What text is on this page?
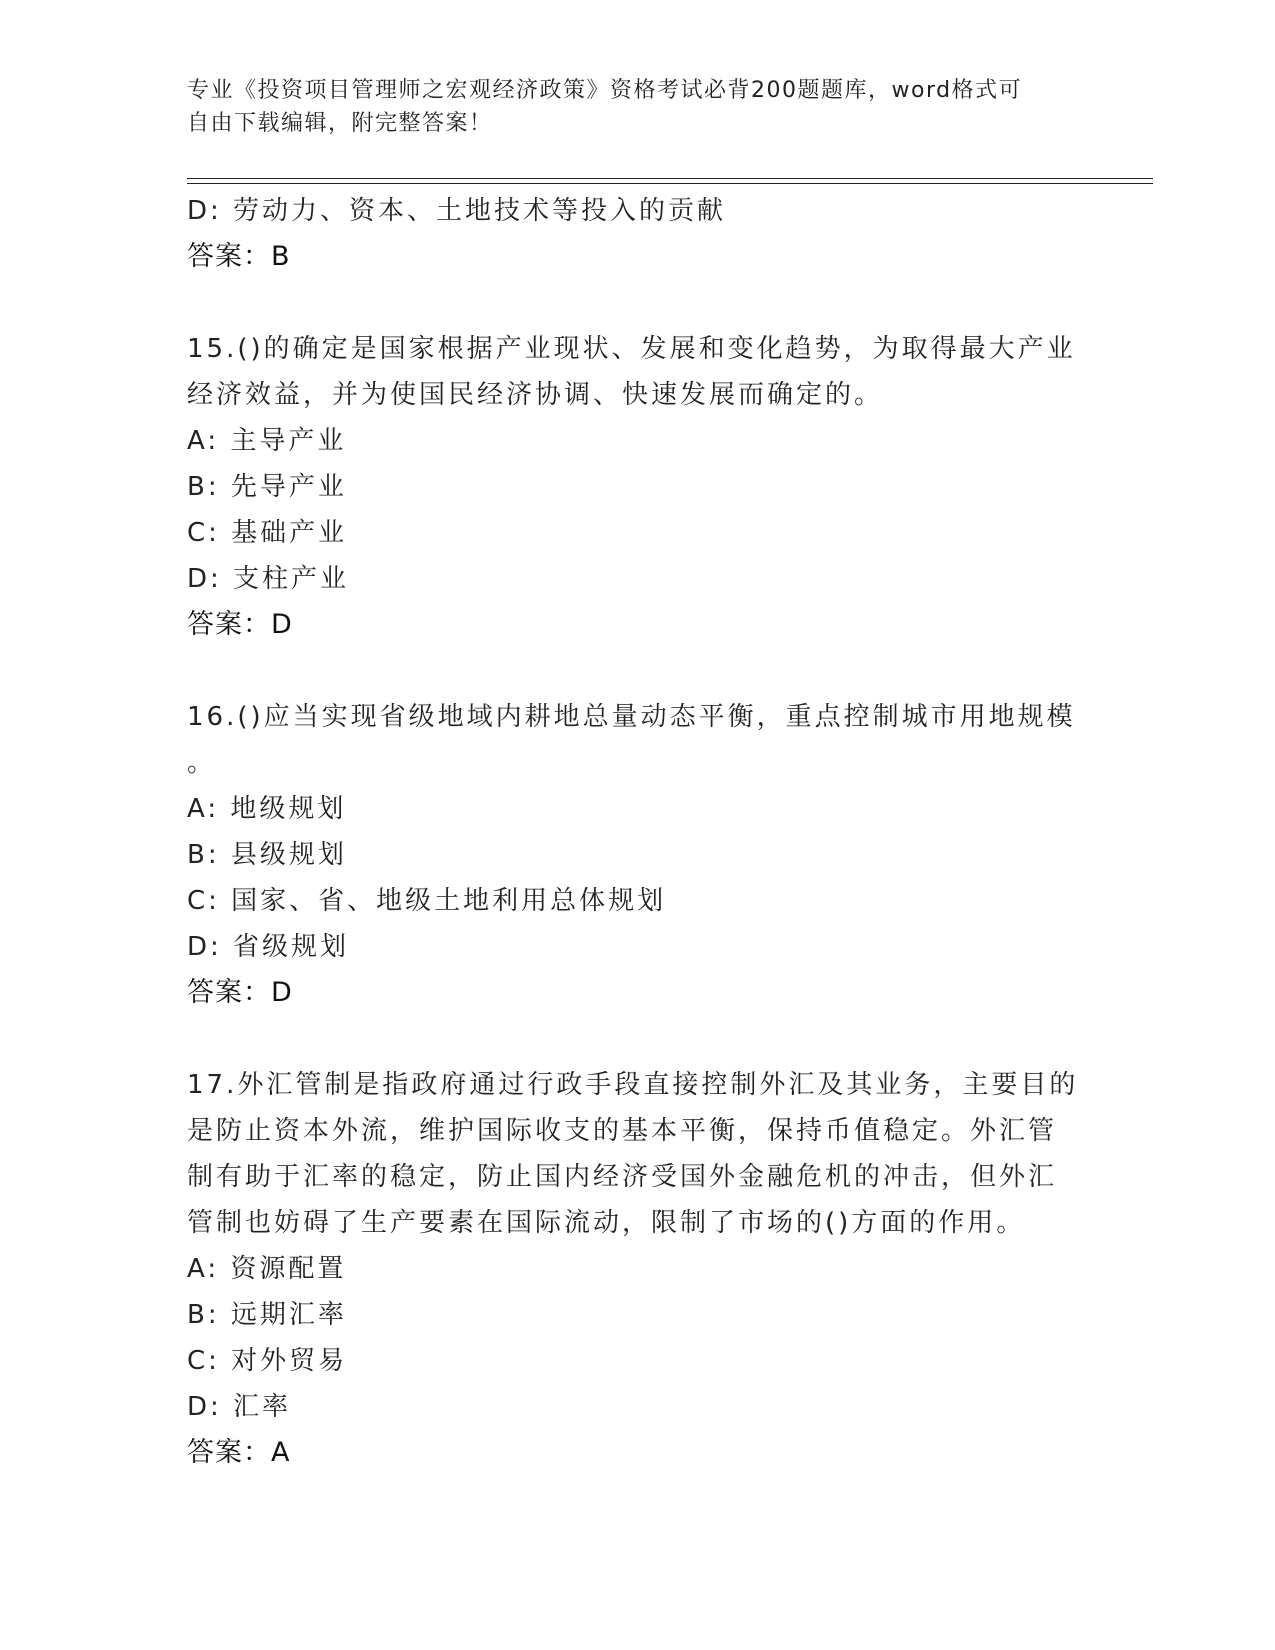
专业《投资项目管理师之宏观经济政策》资格考试必背200题题库，word格式可
自由下载编辑，附完整答案！
D: 劳动力、资本、土地技术等投入的贡献
答案：B
15.()的确定是国家根据产业现状、发展和变化趋势，为取得最大产业
经济效益，并为使国民经济协调、快速发展而确定的。
A: 主导产业
B: 先导产业
C: 基础产业
D: 支柱产业
答案：D
16.()应当实现省级地域内耕地总量动态平衡，重点控制城市用地规模
。
A: 地级规划
B: 县级规划
C: 国家、省、地级土地利用总体规划
D: 省级规划
答案：D
17.外汇管制是指政府通过行政手段直接控制外汇及其业务，主要目的
是防止资本外流，维护国际收支的基本平衡，保持币值稳定。外汇管
制有助于汇率的稳定，防止国内经济受国外金融危机的冲击，但外汇
管制也妨碍了生产要素在国际流动，限制了市场的()方面的作用。
A: 资源配置
B: 远期汇率
C: 对外贸易
D: 汇率
答案：A
